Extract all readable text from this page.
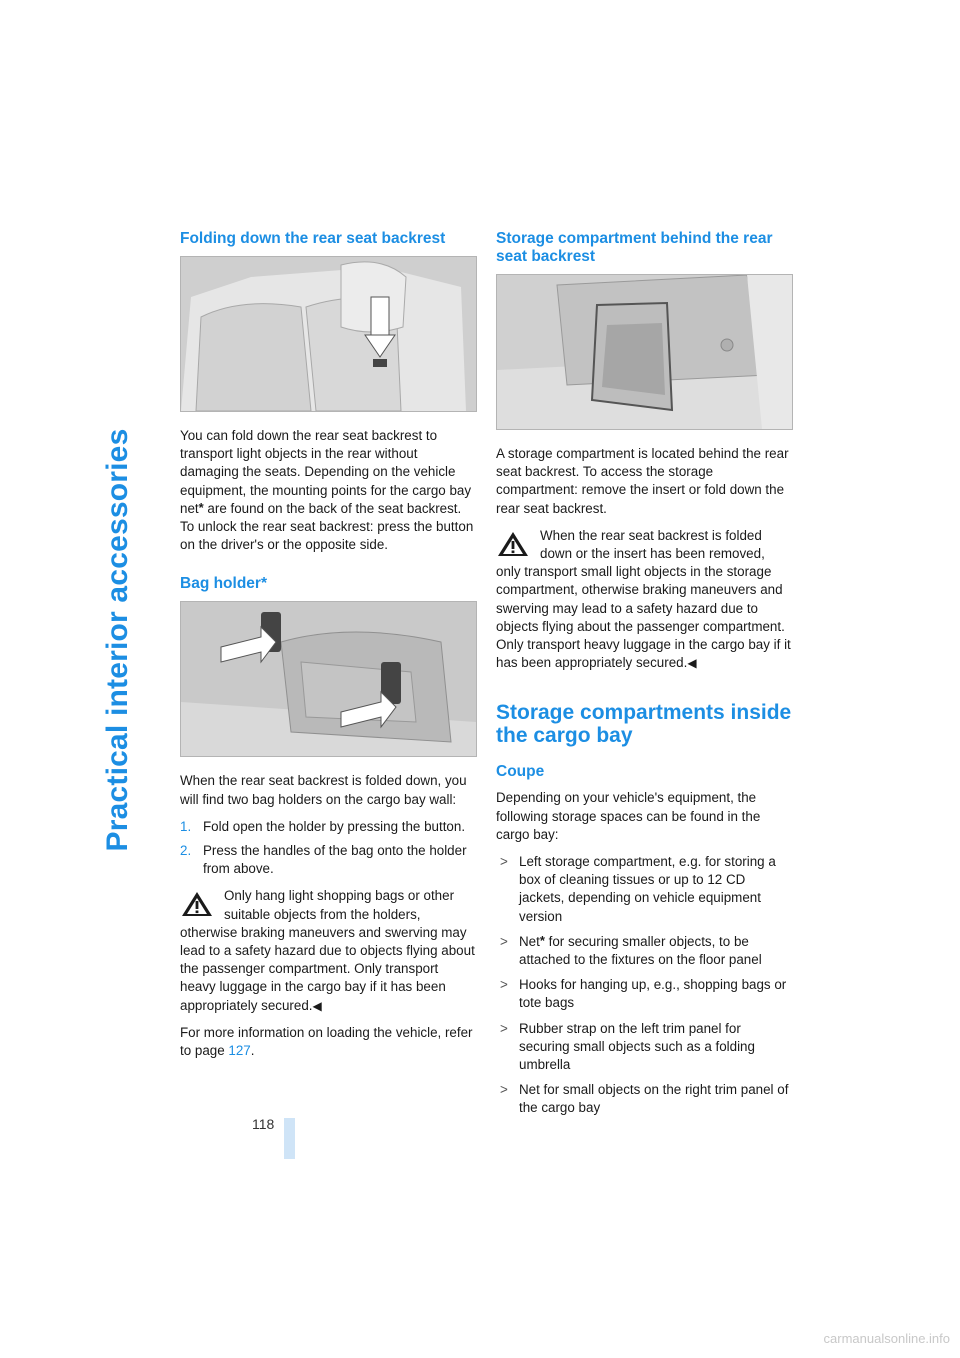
Practical interior accessories
Folding down the rear seat backrest

You can fold down the rear seat backrest to transport light objects in the rear without damaging the seats. Depending on the vehicle equipment, the mounting points for the cargo bay net* are found on the back of the seat backrest. To unlock the rear seat backrest: press the button on the driver's or the opposite side.

Bag holder*

When the rear seat backrest is folded down, you will find two bag holders on the cargo bay wall:

1. Fold open the holder by pressing the button.
2. Press the handles of the bag onto the holder from above.
Only hang light shopping bags or other suitable objects from the holders, otherwise braking maneuvers and swerving may lead to a safety hazard due to objects flying about the passenger compartment. Only transport heavy luggage in the cargo bay if it has been appropriately secured.◀

For more information on loading the vehicle, refer to page 127.

Storage compartment behind the rear seat backrest

A storage compartment is located behind the rear seat backrest. To access the storage compartment: remove the insert or fold down the rear seat backrest.

When the rear seat backrest is folded down or the insert has been removed, only transport small light objects in the storage compartment, otherwise braking maneuvers and swerving may lead to a safety hazard due to objects flying about the passenger compartment. Only transport heavy luggage in the cargo bay if it has been appropriately secured.◀
Storage compartments inside the cargo bay
Coupe

Depending on your vehicle's equipment, the following storage spaces can be found in the cargo bay:

> Left storage compartment, e.g. for storing a box of cleaning tissues or up to 12 CD jackets, depending on vehicle equipment version
> Net* for securing smaller objects, to be attached to the fixtures on the floor panel
> Hooks for hanging up, e.g., shopping bags or tote bags
> Rubber strap on the left trim panel for securing small objects such as a folding umbrella
> Net for small objects on the right trim panel of the cargo bay
118
carmanualsonline.info
